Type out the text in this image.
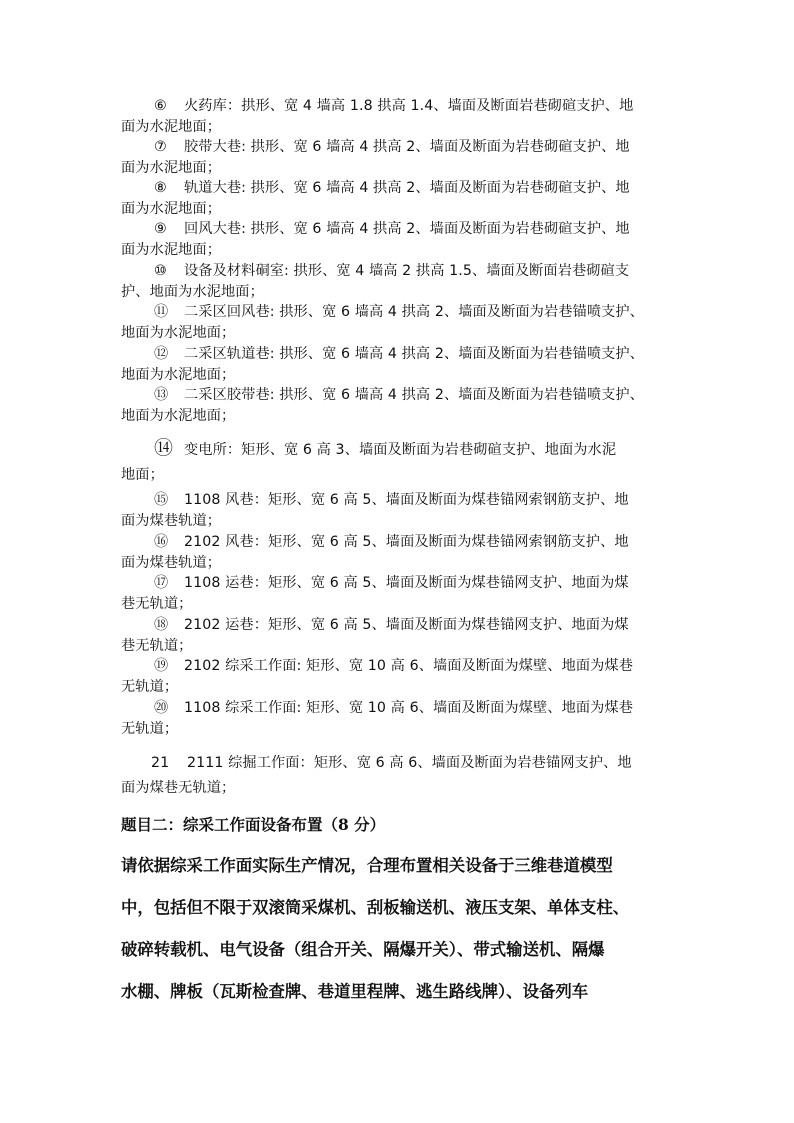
⑥ 火药库：拱形、宽 4 墙高 1.8 拱高 1.4、墙面及断面岩巷砌碹支护、地
面为水泥地面；
⑦ 胶带大巷: 拱形、宽 6 墙高 4 拱高 2、墙面及断面为岩巷砌碹支护、地
面为水泥地面；
⑧ 轨道大巷: 拱形、宽 6 墙高 4 拱高 2、墙面及断面为岩巷砌碹支护、地
面为水泥地面；
⑨ 回风大巷: 拱形、宽 6 墙高 4 拱高 2、墙面及断面为岩巷砌碹支护、地
面为水泥地面；
⑩ 设备及材料硐室: 拱形、宽 4 墙高 2 拱高 1.5、墙面及断面岩巷砌碹支
护、地面为水泥地面；
⑪ 二采区回风巷: 拱形、宽 6 墙高 4 拱高 2、墙面及断面为岩巷锚喷支护、
地面为水泥地面；
⑫ 二采区轨道巷: 拱形、宽 6 墙高 4 拱高 2、墙面及断面为岩巷锚喷支护、
地面为水泥地面；
⑬ 二采区胶带巷: 拱形、宽 6 墙高 4 拱高 2、墙面及断面为岩巷锚喷支护、
地面为水泥地面；
⑭ 变电所：矩形、宽 6 高 3、墙面及断面为岩巷砌碹支护、地面为水泥
地面；
⑮ 1108 风巷：矩形、宽 6 高 5、墙面及断面为煤巷锚网索钢筋支护、地
面为煤巷轨道；
⑯ 2102 风巷：矩形、宽 6 高 5、墙面及断面为煤巷锚网索钢筋支护、地
面为煤巷轨道；
⑰ 1108 运巷：矩形、宽 6 高 5、墙面及断面为煤巷锚网支护、地面为煤
巷无轨道；
⑱ 2102 运巷：矩形、宽 6 高 5、墙面及断面为煤巷锚网支护、地面为煤
巷无轨道；
⑲ 2102 综采工作面: 矩形、宽 10 高 6、墙面及断面为煤壁、地面为煤巷
无轨道；
⑳ 1108 综采工作面: 矩形、宽 10 高 6、墙面及断面为煤壁、地面为煤巷
无轨道；
21 2111 综掘工作面：矩形、宽 6 高 6、墙面及断面为岩巷锚网支护、地
面为煤巷无轨道；
题目二：综采工作面设备布置（8 分）
请依据综采工作面实际生产情况，合理布置相关设备于三维巷道模型
中，包括但不限于双滚筒采煤机、刮板输送机、液压支架、单体支柱、
破碎转载机、电气设备（组合开关、隔爆开关）、带式输送机、隔爆
水棚、牌板（瓦斯检查牌、巷道里程牌、逃生路线牌）、设备列车
